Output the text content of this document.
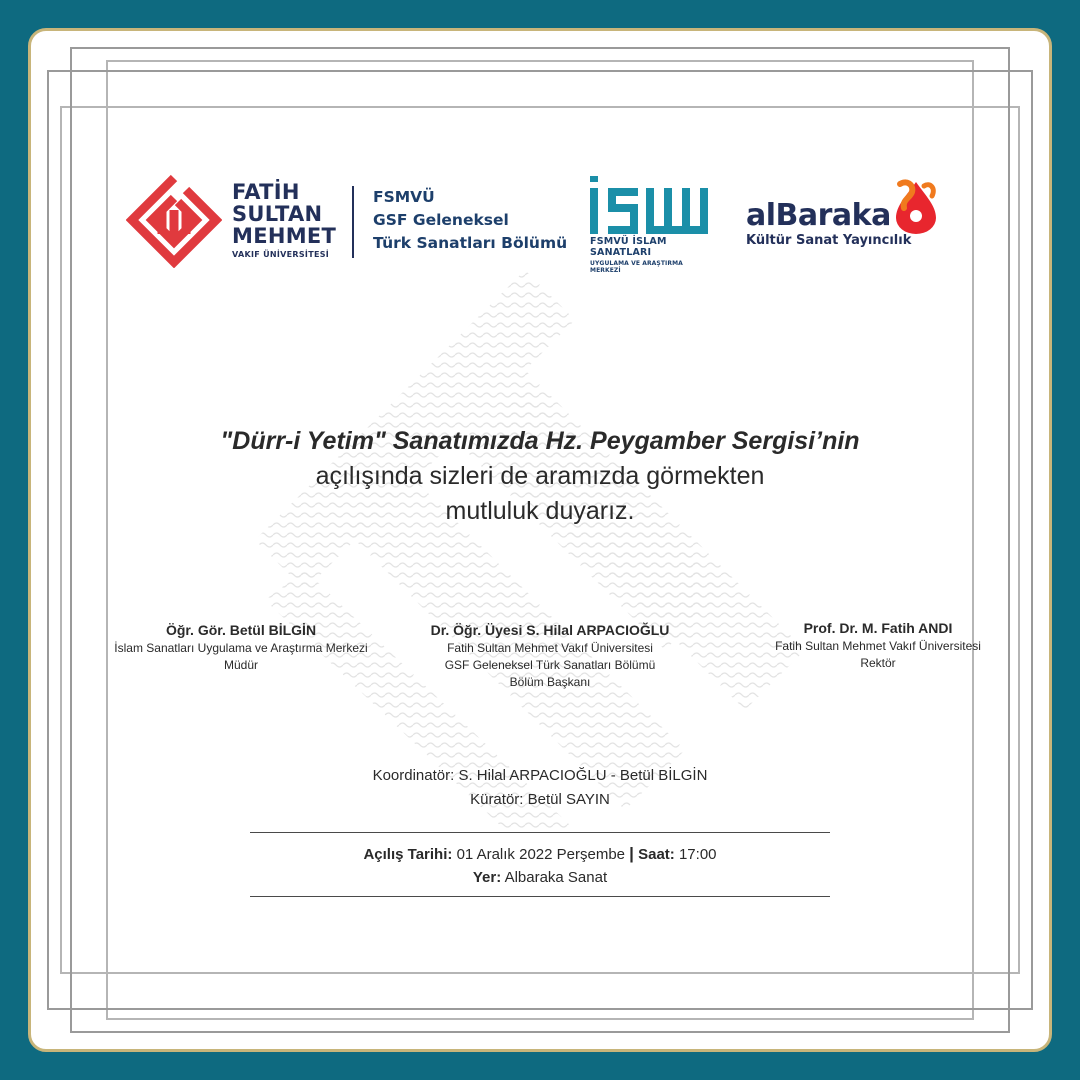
FATİH
SULTAN
MEHMET
VAKIF ÜNİVERSİTESİ
FSMVÜ
GSF Geleneksel
Türk Sanatları Bölümü FSMVÜ İSLAM SANATLARI
UYGULAMA VE ARAŞTIRMA MERKEZİ
alBaraka
Kültür Sanat Yayıncılık
"Dürr-i Yetim" Sanatımızda Hz. Peygamber Sergisi’nin
açılışında sizleri de aramızda görmekten
mutluluk duyarız.
Öğr. Gör. Betül BİLGİN
İslam Sanatları Uygulama ve Araştırma Merkezi
Müdür
Dr. Öğr. Üyesi S. Hilal ARPACIOĞLU
Fatih Sultan Mehmet Vakıf Üniversitesi
GSF Geleneksel Türk Sanatları Bölümü
Bölüm Başkanı
Prof. Dr. M. Fatih ANDI
Fatih Sultan Mehmet Vakıf Üniversitesi
Rektör
Koordinatör: S. Hilal ARPACIOĞLU - Betül BİLGİN
Küratör: Betül SAYIN
Açılış Tarihi: 01 Aralık 2022 Perşembe | Saat: 17:00
Yer: Albaraka Sanat
